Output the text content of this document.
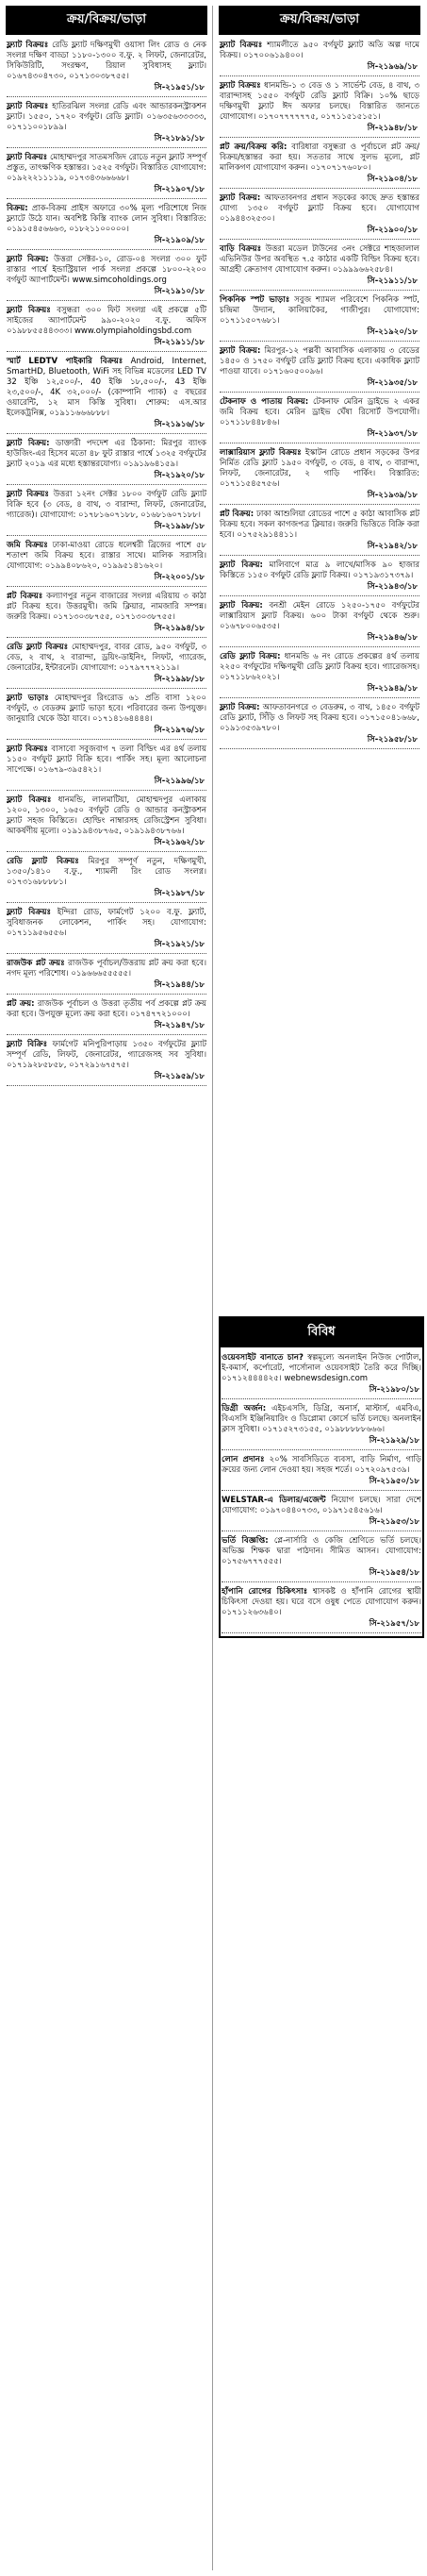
ক্রয়/বিক্রয়/ভাড়া
ফ্ল্যাট বিক্রয়ঃ রেডি ফ্ল্যাট দক্ষিণমুখী ওয়াসা লিং রোড ও নেক সংলগ্ন দক্ষিণ বাড্ডা ১১৮০-১৩০০ ব.ফু. ২ লিফট, জেনারেটর, সিকিউরিটি, সংরক্ষণ, রিয়াল সুবিধাসহ ফ্ল্যাট। ০১৬৭৪৩০৪৭৩০, ০১৭১৩০৩৮৭৫৫।
সি-২১৯৫১/১৮
ফ্ল্যাট বিক্রয়ঃ হাতিরঝিল সংলগ্ন রেডি এবং আন্ডারকনস্ট্রাকশন ফ্ল্যাট। ১৫৫০, ১৭২০ বর্গফুট। রেডি ফ্ল্যাট। ০১৬৩৫৬৩৩৩৩৩, ০১৭১১০০১৮৯৯।
সি-২১৮৯১/১৮
ফ্ল্যাট বিক্রয়ঃ মোহাম্মদপুর সাতমসজিদ রোডে নতুন ফ্ল্যাট সম্পূর্ণ প্রস্তুত, তাৎক্ষণিক হস্তান্তর। ১৫২৫ বর্গফুট। বিস্তারিত যোগাযোগ: ০১৯২২২১১১১৯, ০১৭৩৪৩৬৬৬৬৮।
সি-২১৯০৭/১৮
বিক্রয়: প্রাক-বিক্রয় প্রাইস অফারে ৩০% মূল্য পরিশোধে নিজ ফ্ল্যাটে উঠে যান। অবশিষ্ট কিস্তি ব্যাংক লোন সুবিধা। বিস্তারিত: ০১৯১৫৪৫৬৬৬৩, ০১৮২১১০০০০০।
সি-২১৯০৯/১৮
ফ্ল্যাট বিক্রয়: উত্তরা সেক্টর-১০, রোড-০৪ সংলগ্ন ৩০০ ফুট রাস্তার পার্শ্বে ইন্ডাস্ট্রিয়াল পার্ক সংলগ্ন প্রকল্পে ১৮০০-২২০০ বর্গফুট অ্যাপার্টমেন্ট। www.simcoholdings.org
সি-২১৯১০/১৮
ফ্ল্যাট বিক্রয়ঃ বসুন্ধরা ৩০০ ফিট সংলগ্ন এই প্রকল্পে ৫টি সাইজের অ্যাপার্টমেন্ট ৯৯০-২০২০ ব.ফু. অফিস ০১৯৮৮৫৫৪৪৩৩৩। www.olympiaholdingsbd.com
সি-২১৯১১/১৮
স্মার্ট LEDTV পাইকারি বিক্রয়ঃ Android, Internet, SmartHD, Bluetooth, WiFi সহ বিভিন্ন মডেলের LED TV 32 ইঞ্চি ১২,৫০০/-, 40 ইঞ্চি ১৮,৫০০/-, 43 ইঞ্চি ২৩,৫০০/-, 4K ৩২,০০০/- (কোম্পানি প্যাক) ৫ বছরের ওয়ারেন্টি, ১২ মাস কিস্তি সুবিধা। শোরুম: এস.আর ইলেকট্রনিক্স, ০১৯১১৬৬৬৮৮৮।
সি-২১৯১৬/১৮
ফ্ল্যাট বিক্রয়: ডাক্তারী পদদেশ এর ঠিকানা: মিরপুর ব্যাংক হাউজিং-এর হিসেব মতো ৪৮ ফুট রাস্তার পার্শ্বে ১৩২৫ বর্গফুটের ফ্ল্যাট ২০১৯ এর মধ্যে হস্তান্তরযোগ্য। ০১৯১৯৬৪১৫৯।
সি-২১৯২০/১৮
ফ্ল্যাট বিক্রয়ঃ উত্তরা ১২নং সেক্টর ১৮০০ বর্গফুট রেডি ফ্ল্যাট বিক্রি হবে (৩ বেড, ৪ বাথ, ৩ বারান্দা, লিফট, জেনারেটর, গ্যারেজ)। যোগাযোগ: ০১৭৮১৬০৭১৮৮, ০১৬৮১৬০৭১৮৮।
সি-২১৯৯৮/১৮
জমি বিক্রয়ঃ ঢাকা-মাওয়া রোডে ধলেশ্বরী ব্রিজের পাশে ৫৮ শতাংশ জমি বিক্রয় হবে। রাস্তার সাথে। মালিক সরাসরি। যোগাযোগ: ০১৯৯৪০৮৬২০, ০১৯৯৫১৪১৬২০।
সি-২২০০১/১৮
প্লট বিক্রয়ঃ কল্যাণপুর নতুন বাজারের সংলগ্ন এরিয়ায় ৩ কাঠা প্লট বিক্রয় হবে। উত্তরমুখী। জমি ক্লিয়ার, নামজারি সম্পন্ন। জরুরি বিক্রয়। ০১৭১৩০৩৮৭৫৫, ০১৭১৩০৩৮৭৫৫।
সি-২১৯৯৪/১৮
রেডি ফ্ল্যাট বিক্রয়ঃ মোহাম্মদপুর, বাবর রোড, ৯৫০ বর্গফুট, ৩ বেড, ২ বাথ, ২ বারান্দা, ড্রয়িং-ডাইনিং, লিফট, গ্যারেজ, জেনারেটর, ইন্টারনেট। যোগাযোগ: ০১৭৯৭৭৭২১১৯।
সি-২১৯৯৮/১৮
ফ্ল্যাট ভাড়াঃ মোহাম্মদপুর রিংরোড ৬১ প্রতি বাসা ১২০০ বর্গফুট, ৩ বেডরুম ফ্ল্যাট ভাড়া হবে। পরিবারের জন্য উপযুক্ত। জানুয়ারি থেকে উঠা যাবে। ০১৭১৪১৬৪৪৪৪।
সি-২১৯৭৬/১৮
ফ্ল্যাট বিক্রয়ঃ বাসাবো সবুজবাগ ৭ তলা বিল্ডিং এর ৪র্থ তলায় ১১৫০ বর্গফুট ফ্ল্যাট বিক্রি হবে। পার্কিং সহ। মূল্য আলোচনা সাপেক্ষে। ০১৬৭৯-৩৯৫৪২১।
সি-২১৯৯৬/১৮
ফ্ল্যাট বিক্রয়ঃ ধানমন্ডি, লালমাটিয়া, মোহাম্মদপুর এলাকায় ১২০০, ১৩০০, ১৬৫০ বর্গফুট রেডি ও আন্ডার কনস্ট্রাকশন ফ্ল্যাট সহজ কিস্তিতে। হোল্ডিং নাম্বারসহ রেজিস্ট্রেশন সুবিধা। আকর্ষণীয় মূল্যে। ০১৯১৯৪৩৮৭৬৫, ০১৯১৯৪৩৮৭৬৬।
সি-২১৯৬২/১৮
রেডি ফ্ল্যাট বিক্রয়ঃ মিরপুর সম্পূর্ণ নতুন, দক্ষিণমুখী, ১৩৫০/১৪১০ ব.ফু., শ্যামলী রিং রোড সংলগ্ন। ০১৭৩১৬৮৮৮৮১।
সি-২১৯৮৭/১৮
ফ্ল্যাট বিক্রয়ঃ ইন্দিরা রোড, ফার্মগেট ১২০০ ব.ফু. ফ্ল্যাট, সুবিধাজনক লোকেশন, পার্কিং সহ। যোগাযোগ: ০১৭১১৯৫৬৫৫৬।
সি-২১৯২১/১৮
রাজউক প্লট ক্রয়ঃ রাজউক পূর্বাচল/উত্তরায় প্লট ক্রয় করা হবে। নগদ মূল্য পরিশোধ। ০১৯৬৬৬৫৫৫৫৫।
সি-২১৯৪৪/১৮
প্লট ক্রয়: রাজউক পূর্বাচল ও উত্তরা তৃতীয় পর্ব প্রকল্পে প্লট ক্রয় করা হবে। উপযুক্ত মূল্যে ক্রয় করা হবে। ০১৭৪৭৭২১০০০।
সি-২১৯৪৭/১৮
ফ্ল্যাট বিক্রিঃ ফার্মগেট মনিপুরিপাড়ায় ১৩৫০ বর্গফুটের ফ্ল্যাট সম্পূর্ণ রেডি, লিফট, জেনারেটর, গ্যারেজসহ সব সুবিধা। ০১৭১৯২৮৫৮৫৮, ০১৭২৯১৬৭৫৭৫।
সি-২১৯৫৯/১৮
ক্রয়/বিক্রয়/ভাড়া
ফ্ল্যাট বিক্রয়ঃ শ্যামলীতে ৯৫০ বর্গফুট ফ্ল্যাট অতি অল্প দামে বিক্রয়। ০১৭০০৬১৯৪০০।
সি-২১৯৬৯/১৮
ফ্ল্যাট বিক্রয়ঃ ধানমন্ডি-১ ৩ বেড ও ১ সার্ভেন্ট বেড, ৪ বাথ, ৩ বারান্দাসহ ১৫৫০ বর্গফুট রেডি ফ্ল্যাট বিক্রি। ১০% ছাড়ে দক্ষিণমুখী ফ্ল্যাট ঈদ অফার চলছে। বিস্তারিত জানতে যোগাযোগ। ০১৭০৭৭৭৭৭৭৫, ০১৭১১৫১৫১৫১।
সি-২১৯৪৮/১৮
প্লট ক্রয়/বিক্রয় করি: বারিধারা বসুন্ধরা ও পূর্বাচলে প্লট ক্রয়/বিক্রয়/হস্তান্তর করা হয়। সততার সাথে সুলভ মূল্যে, প্লট মালিকগণ যোগাযোগ করুন। ০১৭০৭১৭৬০৮০।
সি-২১৯০৪/১৮
ফ্ল্যাট বিক্রয়: আফতাবনগর প্রধান সড়কের কাছে দ্রুত হস্তান্তর যোগ্য ১৩৫০ বর্গফুট ফ্ল্যাট বিক্রয় হবে। যোগাযোগ ০১৯৪৪৩২৫৩০।
সি-২১৯০০/১৮
বাড়ি বিক্রয়ঃ উত্তরা মডেল টাউনের ৩নং সেক্টরে শাহজালাল এভিনিউর উপর অবস্থিত ৭.৫ কাঠার একটি বিল্ডিং বিক্রয় হবে। আগ্রহী ক্রেতাগণ যোগাযোগ করুন। ০১৯৯৯৬৬২৫৮৪।
সি-২১৯১১/১৮
পিকনিক স্পট ভাড়াঃ সবুজ শ্যামল পরিবেশে পিকনিক স্পট, চন্দ্রিমা উদ্যান, কালিয়াকৈর, গাজীপুর। যোগাযোগ: ০১৭১১৫০৭৬৮১।
সি-২১৯২০/১৮
ফ্ল্যাট বিক্রয়: মিরপুর-১২ পল্লবী আবাসিক এলাকায় ৩ বেডের ১৪৫০ ও ১৭৫০ বর্গফুট রেডি ফ্ল্যাট বিক্রয় হবে। একাধিক ফ্ল্যাট পাওয়া যাবে। ০১৭১৬০৫০০৯৬।
সি-২১৯৩৫/১৮
টেকনাফ ও পাতায় বিক্রয়: টেকনাফ মেরিন ড্রাইভে ২ একর জমি বিক্রয় হবে। মেরিন ড্রাইভ ঘেঁষা রিসোর্ট উপযোগী। ০১৭১১৮৪৪৮৪৬।
সি-২১৯৩৭/১৮
লাক্সারিয়াস ফ্ল্যাট বিক্রয়ঃ ইস্কাটন রোডে প্রধান সড়কের উপর নির্মিত রেডি ফ্ল্যাট ১৯৫০ বর্গফুট, ৩ বেড, ৪ বাথ, ৩ বারান্দা, লিফট, জেনারেটর, ২ গাড়ি পার্কিং। বিস্তারিত: ০১৭১১৫৪৫৭৫৬।
সি-২১৯৩৯/১৮
প্লট বিক্রয়: ঢাকা আশুলিয়া রোডের পাশে ৫ কাঠা আবাসিক প্লট বিক্রয় হবে। সকল কাগজপত্র ক্লিয়ার। জরুরি ভিত্তিতে বিক্রি করা হবে। ০১৭৫২৯১৪৪১১।
সি-২১৯৪২/১৮
ফ্ল্যাট বিক্রয়: মালিবাগে মাত্র ৯ লাখে/মাসিক ৯০ হাজার কিস্তিতে ১১৫০ বর্গফুট রেডি ফ্ল্যাট বিক্রয়। ০১৭১৯৩১৭৩৭৯।
সি-২১৯৪৩/১৮
ফ্ল্যাট বিক্রয়: বনশ্রী মেইন রোডে ১২৫০-১৭৫০ বর্গফুটের লাক্সারিয়াস ফ্ল্যাট বিক্রয়। ৬০০ টাকা বর্গফুট থেকে শুরু। ০১৬৭৮০০৬৫৩৫।
সি-২১৯৪৬/১৮
রেডি ফ্ল্যাট বিক্রয়: ধানমন্ডি ৬ নং রোডে প্রকল্পের ৪র্থ তলায় ২২৫০ বর্গফুটের দক্ষিণমুখী রেডি ফ্ল্যাট বিক্রয় হবে। গ্যারেজসহ। ০১৭১১৮৬২০২১।
সি-২১৯৪৯/১৮
ফ্ল্যাট বিক্রয়: আফতাবনগরে ৩ বেডরুম, ৩ বাথ, ১৪৫০ বর্গফুট রেডি ফ্ল্যাট, সিঁড়ি ও লিফট সহ বিক্রয় হবে। ০১৭১৫০৪১৬৬৮, ০১৯১৩৫৩৯৭৮০।
সি-২১৯৫৮/১৮
বিবিধ
ওয়েবসাইট বানাতে চান? স্বল্পমূল্যে অনলাইন নিউজ পোর্টাল, ই-কমার্স, কর্পোরেট, পার্সোনাল ওয়েবসাইট তৈরি করে দিচ্ছি। ০১৭১২৪৪৪৪২৫। webnewsdesign.com
সি-২১৯৮০/১৮
ডিগ্রী অর্জন: এইচএসসি, ডিগ্রি, অনার্স, মাস্টার্স, এমবিএ, বিএসসি ইঞ্জিনিয়ারিং ও ডিপ্লোমা কোর্সে ভর্তি চলছে। অনলাইন ক্লাস সুবিধা। ০১৭১৫২৭৩১৫৫, ০১৯৮৮৮৮৮৬৬৬।
সি-২১৯২৯/১৮
লোন প্রদানঃ ২০% সাবসিডিতে ব্যবসা, বাড়ি নির্মাণ, গাড়ি ক্রয়ের জন্য লোন দেওয়া হয়। সহজ শর্তে। ০১৭২০৯৭৫৩৯।
সি-২১৯৫০/১৮
WELSTAR-এ ডিলার/এজেন্ট নিয়োগ চলছে। সারা দেশে যোগাযোগ: ০১৯৭০৪৪০৭৩৩, ০১৯৭১৫৪৫৬১৬।
সি-২১৯৫৩/১৮
ভর্তি বিজ্ঞপ্তি: প্লে-নার্সারি ও কেজি শ্রেণিতে ভর্তি চলছে। অভিজ্ঞ শিক্ষক দ্বারা পাঠদান। সীমিত আসন। যোগাযোগ: ০১৭৫৬৭৭৭৫৫৫।
সি-২১৯৫৪/১৮
হাঁপানি রোগের চিকিৎসাঃ শ্বাসকষ্ট ও হাঁপানি রোগের স্থায়ী চিকিৎসা দেওয়া হয়। ঘরে বসে ওষুধ পেতে যোগাযোগ করুন। ০১৭১১২৬৩৬৪০।
সি-২১৯৫৭/১৮
